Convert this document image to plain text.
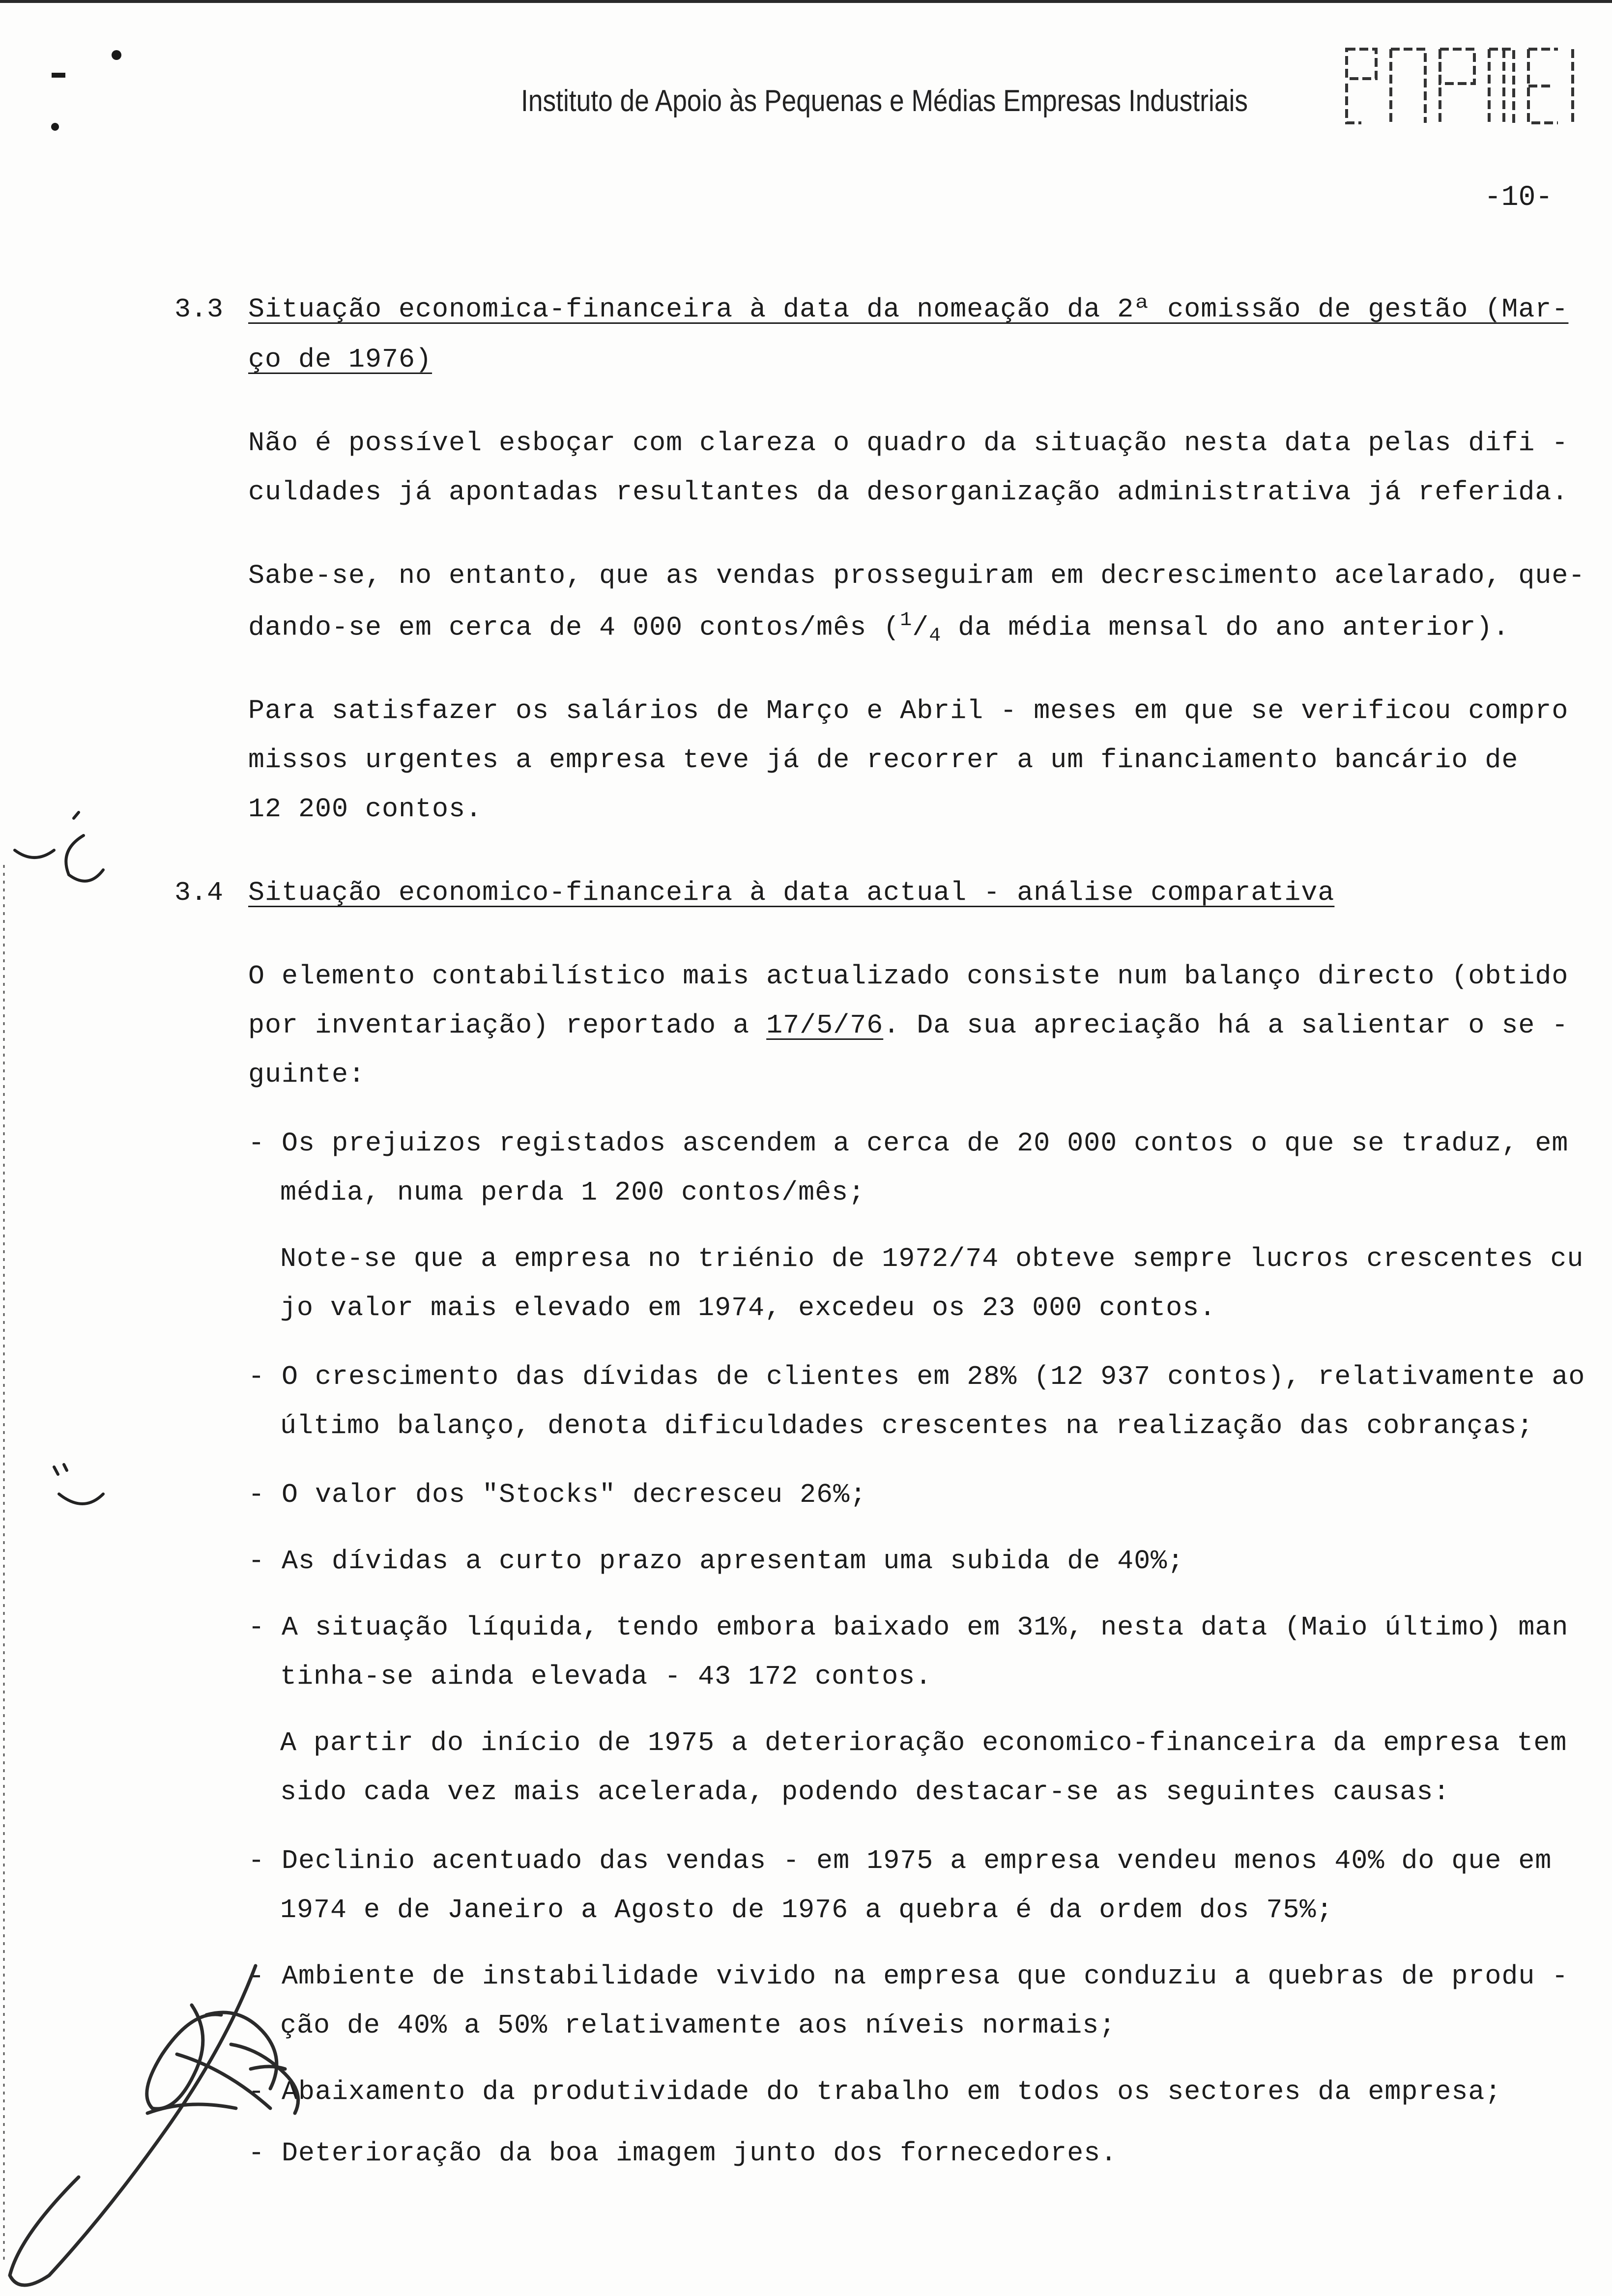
Instituto de Apoio às Pequenas e Médias Empresas Industriais
-10-
3.3 Situação economica-financeira à data da nomeação da 2ª comissão de gestão (Mar-
ço de 1976)
Não é possível esboçar com clareza o quadro da situação nesta data pelas difi -
culdades já apontadas resultantes da desorganização administrativa já referida.
Sabe-se, no entanto, que as vendas prosseguiram em decrescimento acelarado, que-
dando-se em cerca de 4 000 contos/mês ($^1/_4$ da média mensal do ano anterior).
Para satisfazer os salários de Março e Abril - meses em que se verificou compro
missos urgentes a empresa teve já de recorrer a um financiamento bancário de
12 200 contos.
3.4 Situação economico-financeira à data actual - análise comparativa
O elemento contabilístico mais actualizado consiste num balanço directo (obtido
por inventariação) reportado a 17/5/76. Da sua apreciação há a salientar o se -
guinte:
- Os prejuizos registados ascendem a cerca de 20 000 contos o que se traduz, em
média, numa perda 1 200 contos/mês;
Note-se que a empresa no triénio de 1972/74 obteve sempre lucros crescentes cu
jo valor mais elevado em 1974, excedeu os 23 000 contos.
- O crescimento das dívidas de clientes em 28% (12 937 contos), relativamente ao
último balanço, denota dificuldades crescentes na realização das cobranças;
- O valor dos "Stocks" decresceu 26%;
- As dívidas a curto prazo apresentam uma subida de 40%;
- A situação líquida, tendo embora baixado em 31%, nesta data (Maio último) man
tinha-se ainda elevada - 43 172 contos.
A partir do início de 1975 a deterioração economico-financeira da empresa tem
sido cada vez mais acelerada, podendo destacar-se as seguintes causas:
- Declinio acentuado das vendas - em 1975 a empresa vendeu menos 40% do que em
1974 e de Janeiro a Agosto de 1976 a quebra é da ordem dos 75%;
- Ambiente de instabilidade vivido na empresa que conduziu a quebras de produ -
ção de 40% a 50% relativamente aos níveis normais;
- Abaixamento da produtividade do trabalho em todos os sectores da empresa;
- Deterioração da boa imagem junto dos fornecedores.
